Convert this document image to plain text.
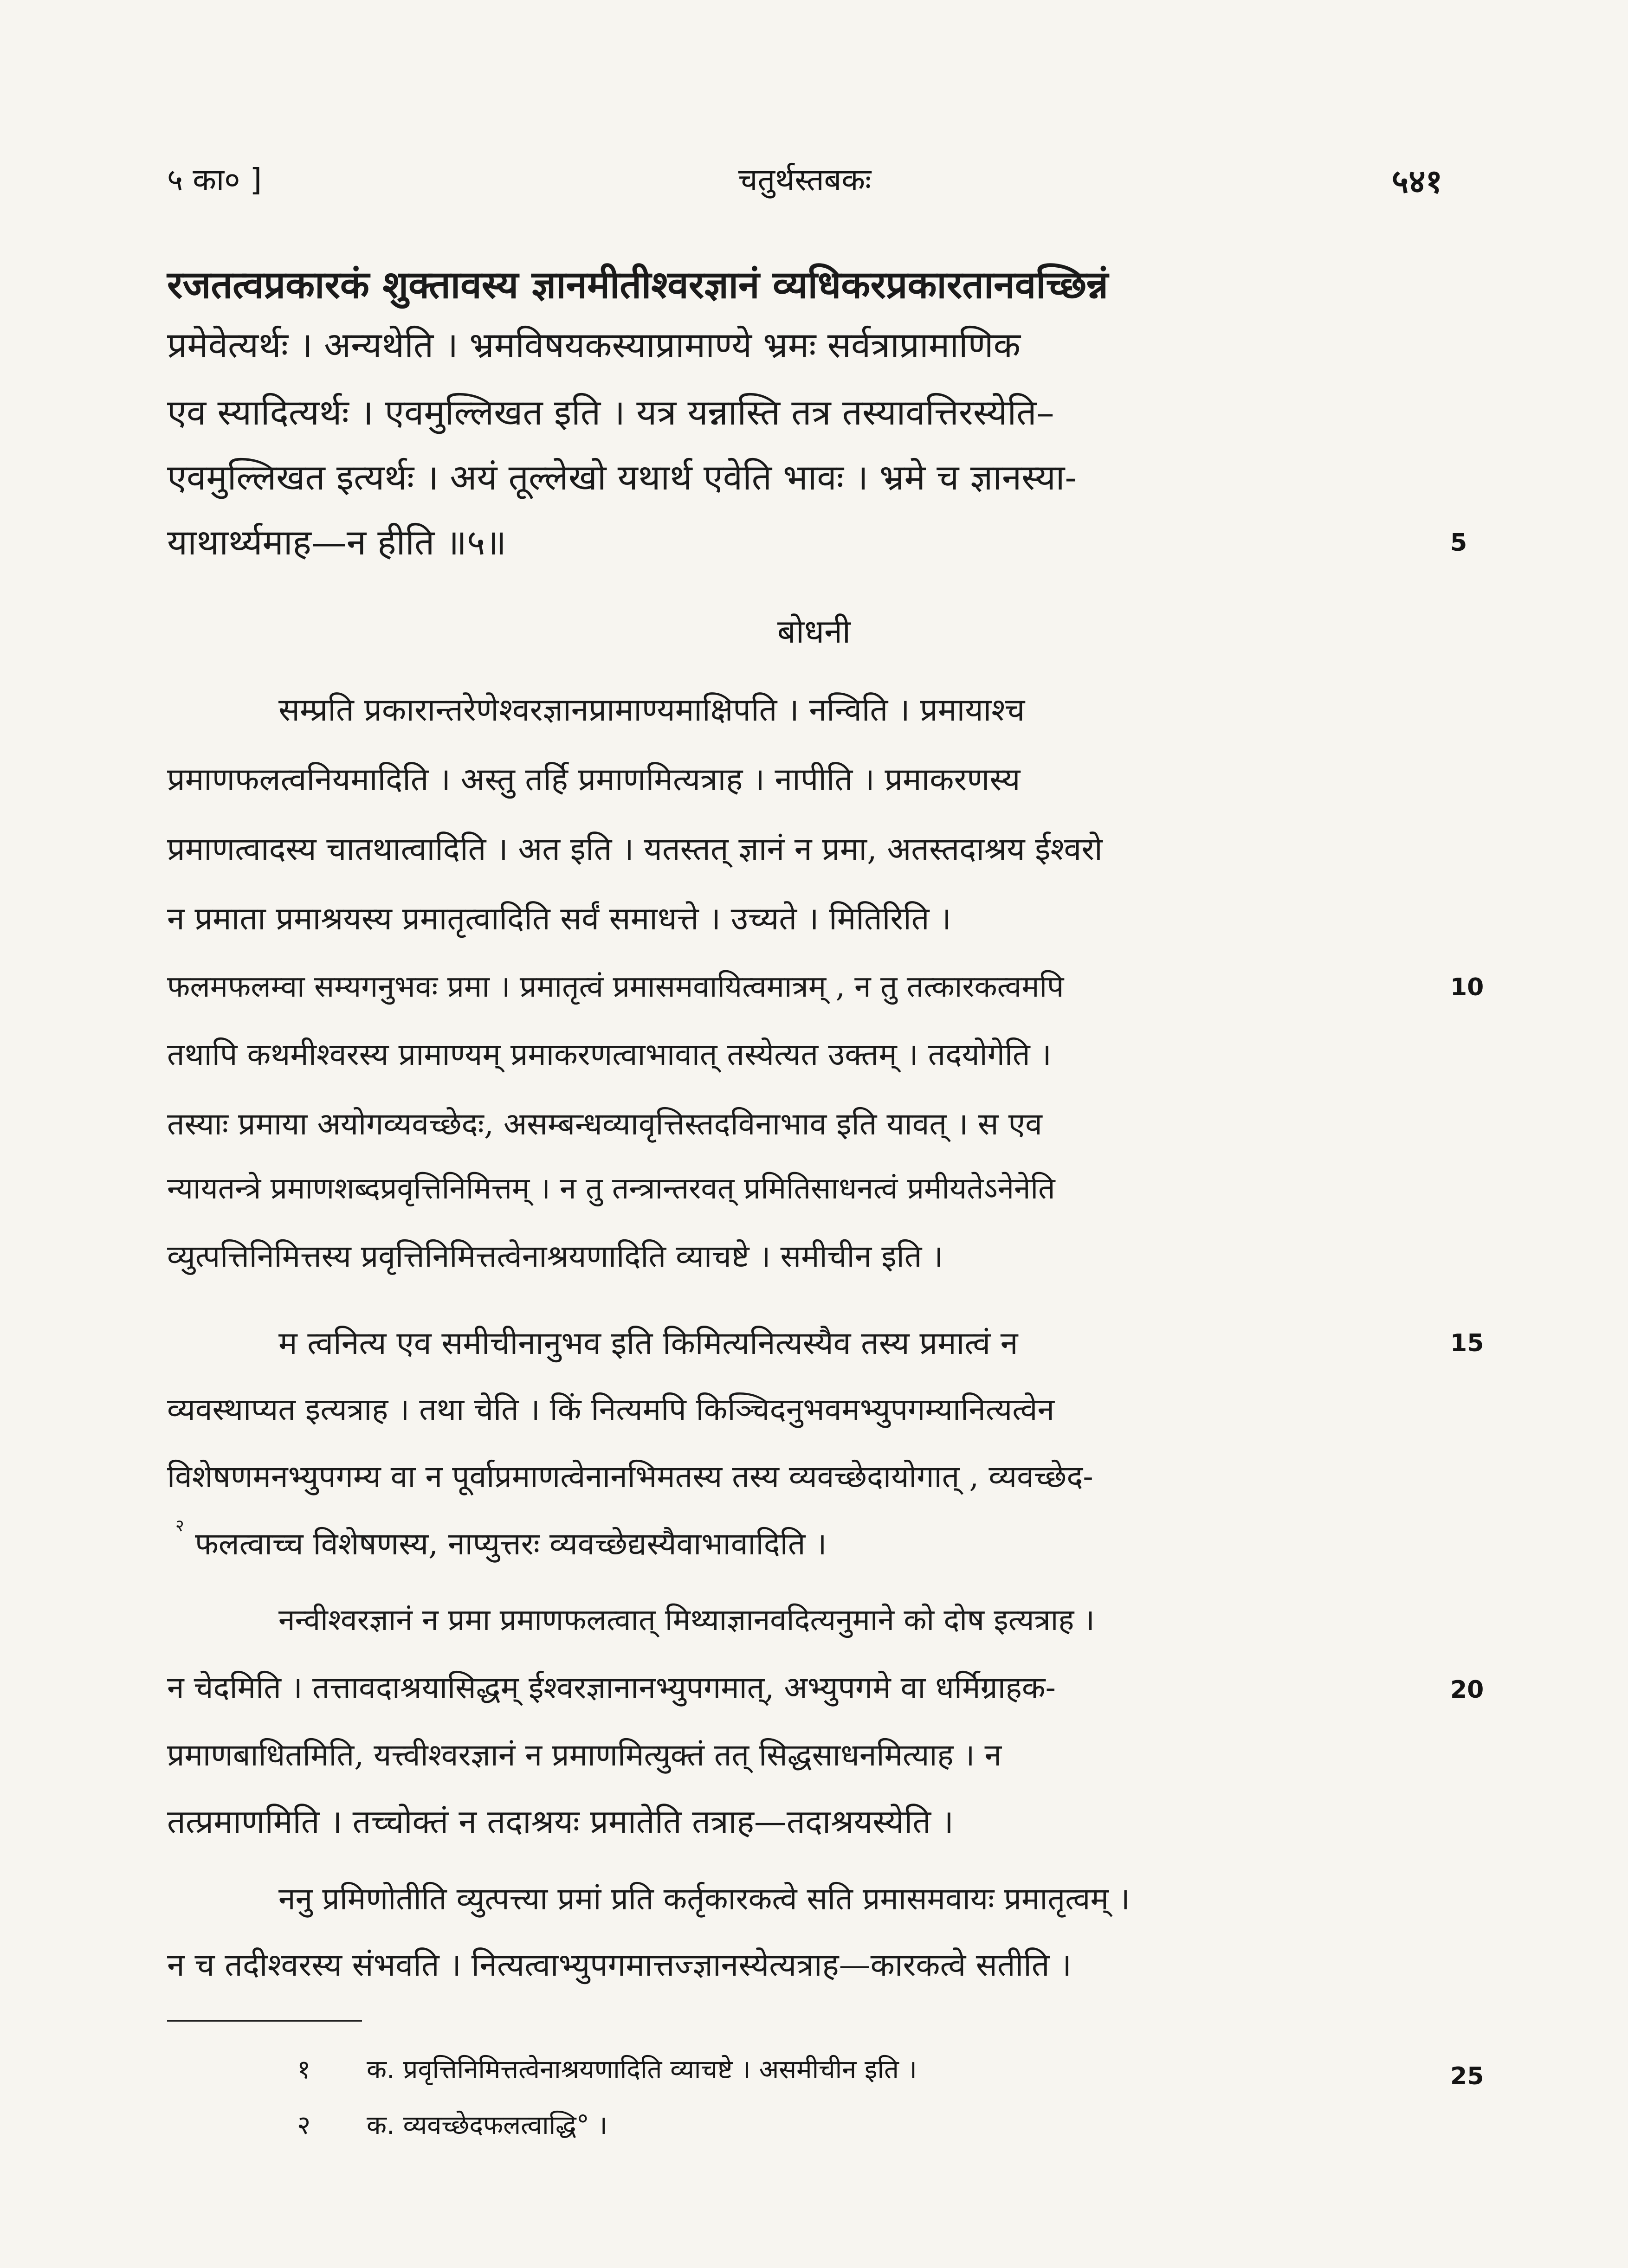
५ का० ]	चतुर्थस्तबकः	५४१
रजतत्वप्रकारकं शुक्तावस्य ज्ञानमीतीश्वरज्ञानं व्यधिकरप्रकारतानवच्छिन्नं
प्रमेवेत्यर्थः । अन्यथेति । भ्रमविषयकस्याप्रामाण्ये भ्रमः सर्वत्राप्रामाणिक
एव स्यादित्यर्थः । एवमुल्लिखत इति । यत्र यन्नास्ति तत्र तस्यावत्तिरस्येति–
एवमुल्लिखत इत्यर्थः । अयं तूल्लेखो यथार्थ एवेति भावः । भ्रमे च ज्ञानस्या-
याथार्थ्यमाह—न हीति ॥५॥	5
बोधनी
सम्प्रति प्रकारान्तरेणेश्वरज्ञानप्रामाण्यमाक्षिपति । नन्विति । प्रमायाश्च
प्रमाणफलत्वनियमादिति । अस्तु तर्हि प्रमाणमित्यत्राह । नापीति । प्रमाकरणस्य
प्रमाणत्वादस्य चातथात्वादिति । अत इति । यतस्तत् ज्ञानं न प्रमा, अतस्तदाश्रय ईश्वरो
न प्रमाता प्रमाश्रयस्य प्रमातृत्वादिति सर्वं समाधत्ते । उच्यते । मितिरिति ।
फलमफलम्वा सम्यगनुभवः प्रमा । प्रमातृत्वं प्रमासमवायित्वमात्रम् , न तु तत्कारकत्वमपि	10
तथापि कथमीश्वरस्य प्रामाण्यम् प्रमाकरणत्वाभावात् तस्येत्यत उक्तम् । तदयोगेति ।
तस्याः प्रमाया अयोगव्यवच्छेदः, असम्बन्धव्यावृत्तिस्तदविनाभाव इति यावत् । स एव
न्यायतन्त्रे प्रमाणशब्दप्रवृत्तिनिमित्तम् । न तु तन्त्रान्तरवत् प्रमितिसाधनत्वं प्रमीयतेऽनेनेति
व्युत्पत्तिनिमित्तस्य प्रवृत्तिनिमित्तत्वेनाश्रयणादिति व्याचष्टे । समीचीन इति ।
म त्वनित्य एव समीचीनानुभव इति किमित्यनित्यस्यैव तस्य प्रमात्वं न	15
व्यवस्थाप्यत इत्यत्राह । तथा चेति । किं नित्यमपि किञ्चिदनुभवमभ्युपगम्यानित्यत्वेन
विशेषणमनभ्युपगम्य वा न पूर्वाप्रमाणत्वेनानभिमतस्य तस्य व्यवच्छेदायोगात् , व्यवच्छेद-
फलत्वाच्च विशेषणस्य, नाप्युत्तरः व्यवच्छेद्यस्यैवाभावादिति ।
२
नन्वीश्वरज्ञानं न प्रमा प्रमाणफलत्वात् मिथ्याज्ञानवदित्यनुमाने को दोष इत्यत्राह ।
न चेदमिति । तत्तावदाश्रयासिद्धम् ईश्वरज्ञानानभ्युपगमात्, अभ्युपगमे वा धर्मिग्राहक-	20
प्रमाणबाधितमिति, यत्त्वीश्वरज्ञानं न प्रमाणमित्युक्तं तत् सिद्धसाधनमित्याह । न
तत्प्रमाणमिति । तच्चोक्तं न तदाश्रयः प्रमातेति तत्राह—तदाश्रयस्येति ।
ननु प्रमिणोतीति व्युत्पत्त्या प्रमां प्रति कर्तृकारकत्वे सति प्रमासमवायः प्रमातृत्वम् ।
न च तदीश्वरस्य संभवति । नित्यत्वाभ्युपगमात्तज्ज्ञानस्येत्यत्राह—कारकत्वे सतीति ।
१ क. प्रवृत्तिनिमित्तत्वेनाश्रयणादिति व्याचष्टे । असमीचीन इति ।	25
२ क. व्यवच्छेदफलत्वाद्धि° ।
